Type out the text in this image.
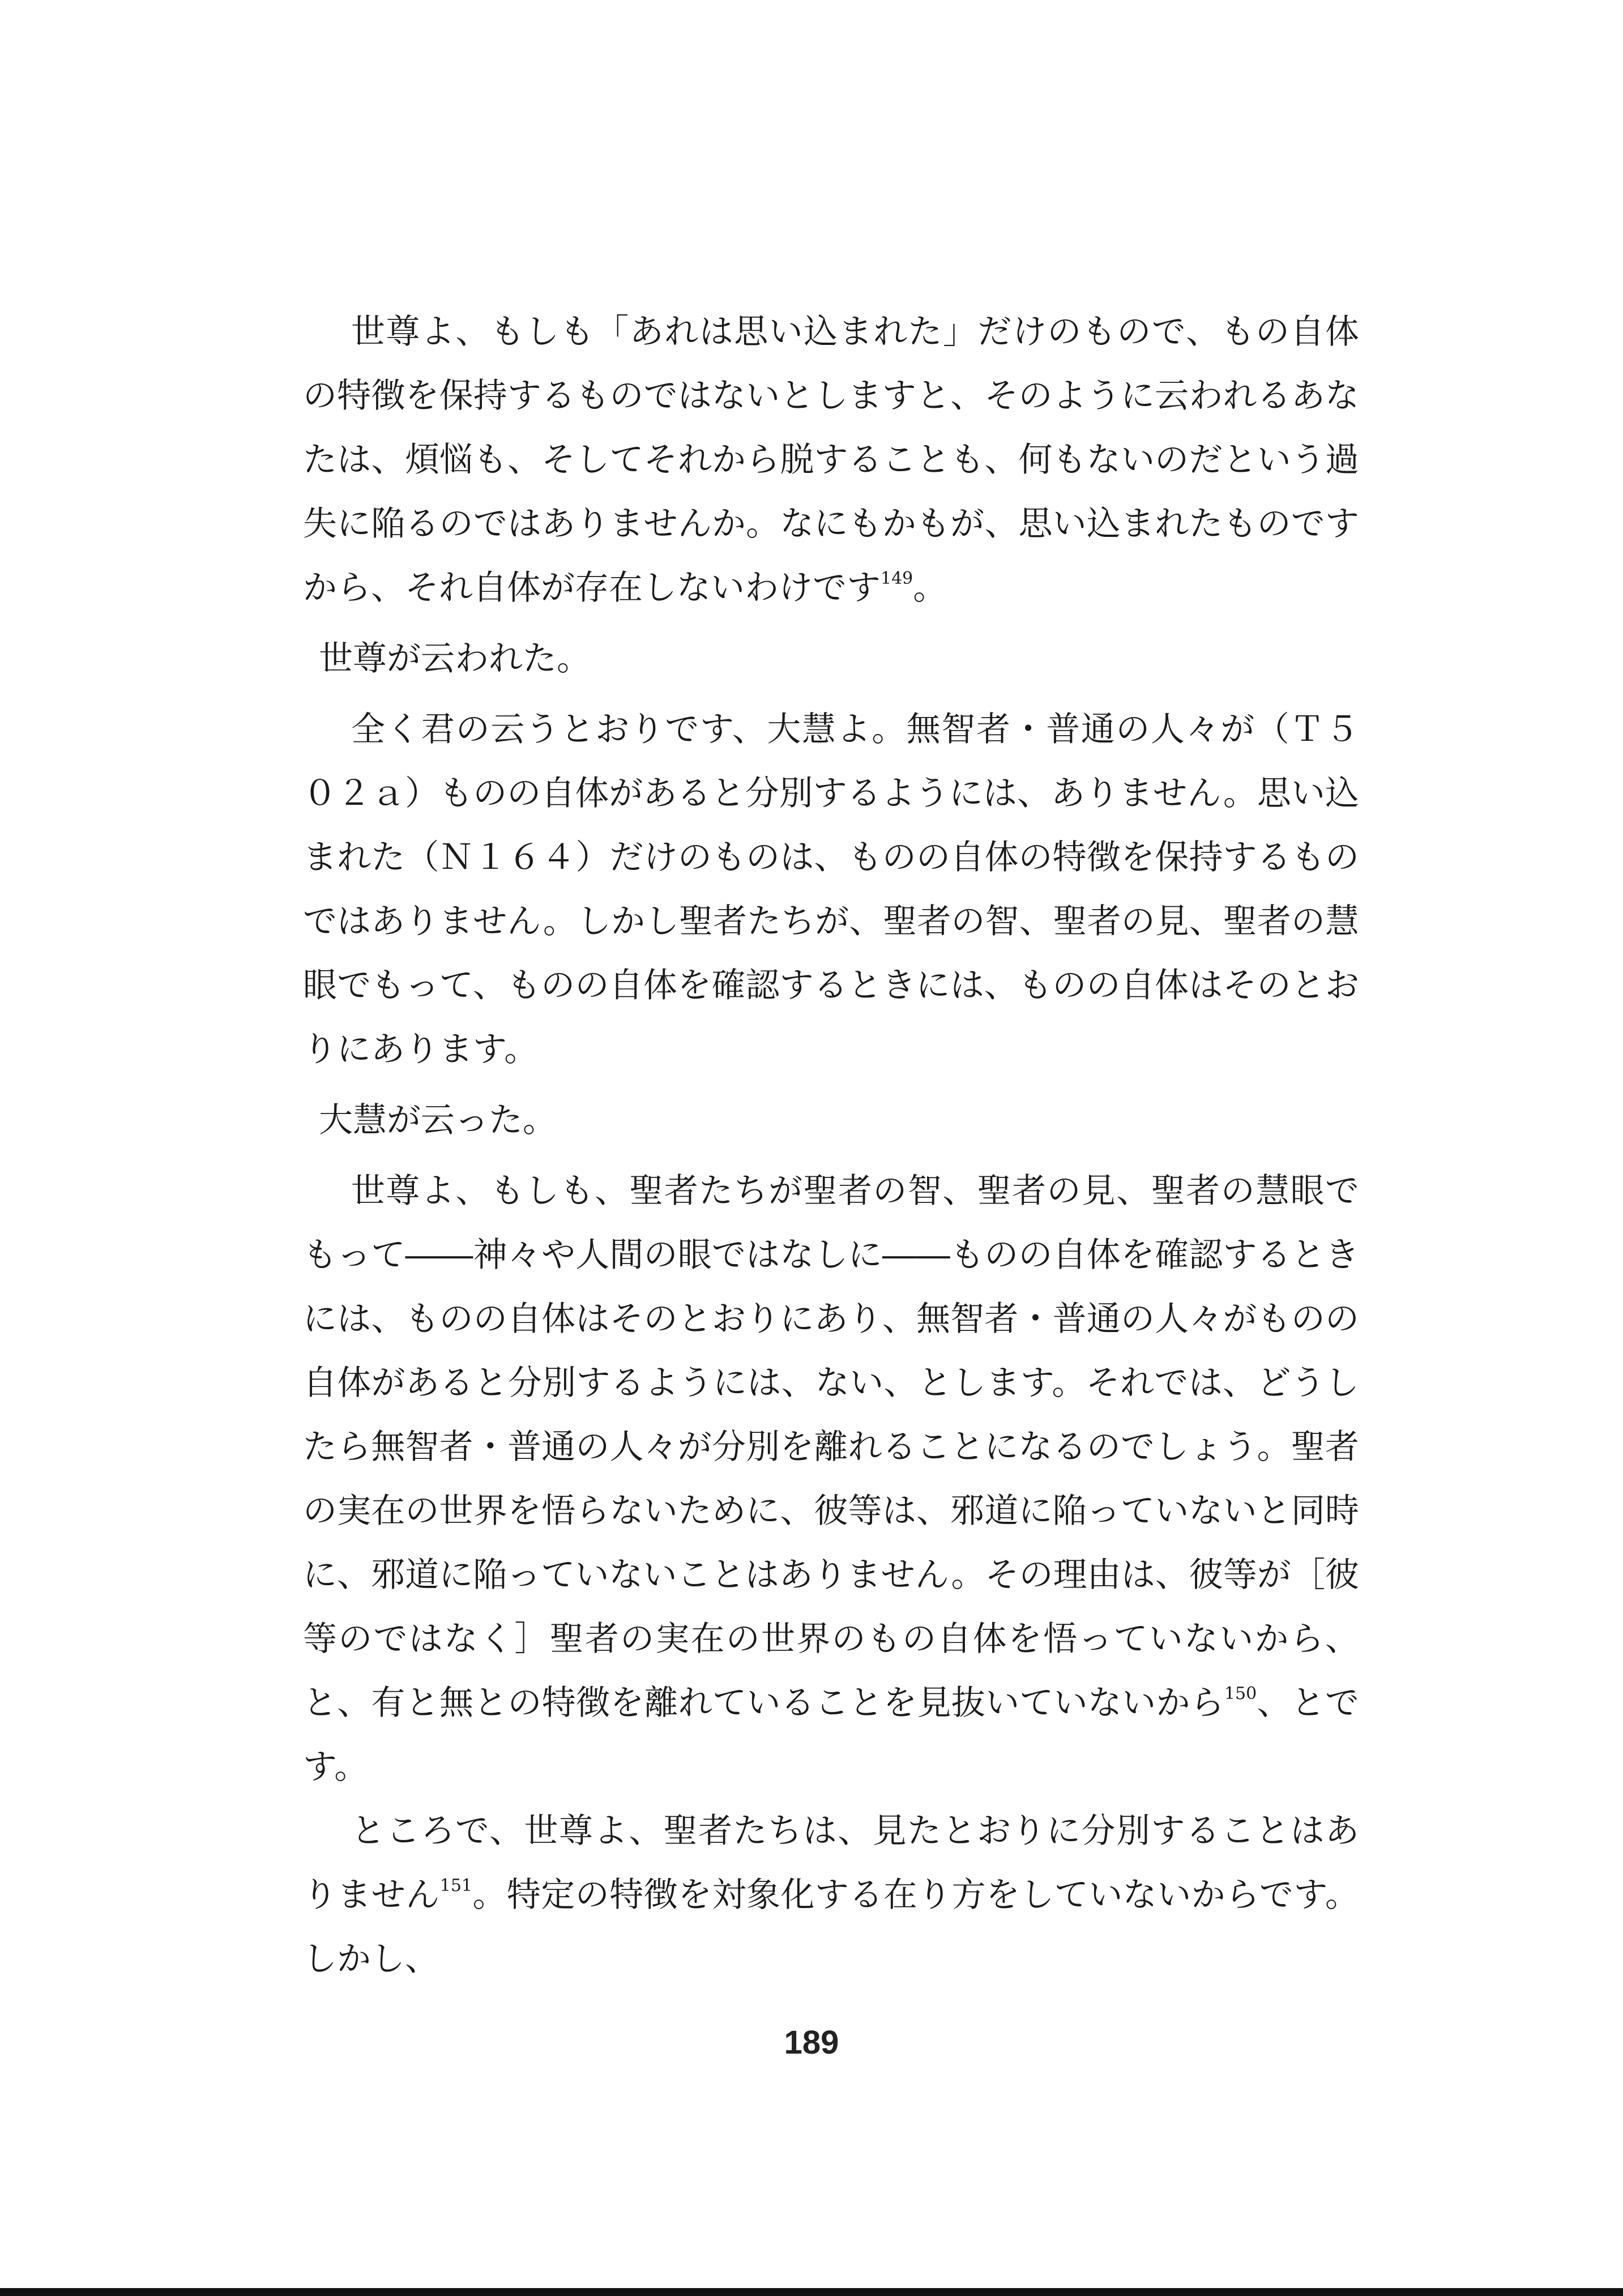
世尊よ、もしも「あれは思い込まれた」だけのもので、もの自体の特徴を保持するものではないとしますと、そのように云われるあなたは、煩悩も、そしてそれから脱することも、何もないのだという過失に陥るのではありませんか。なにもかもが、思い込まれたものですから、それ自体が存在しないわけです$^{149}$。

世尊が云われた。

全く君の云うとおりです、大慧よ。無智者・普通の人々が（Ｔ５０２ａ）ものの自体があると分別するようには、ありません。思い込まれた（Ｎ１６４）だけのものは、ものの自体の特徴を保持するものではありません。しかし聖者たちが、聖者の智、聖者の見、聖者の慧眼でもって、ものの自体を確認するときには、ものの自体はそのとおりにあります。

大慧が云った。

世尊よ、もしも、聖者たちが聖者の智、聖者の見、聖者の慧眼でもって――神々や人間の眼ではなしに――ものの自体を確認するときには、ものの自体はそのとおりにあり、無智者・普通の人々がものの自体があると分別するようには、ない、とします。それでは、どうしたら無智者・普通の人々が分別を離れることになるのでしょう。聖者の実在の世界を悟らないために、彼等は、邪道に陥っていないと同時に、邪道に陥っていないことはありません。その理由は、彼等が［彼等のではなく］聖者の実在の世界のもの自体を悟っていないから、と、有と無との特徴を離れていることを見抜いていないから$^{150}$、とです。

ところで、世尊よ、聖者たちは、見たとおりに分別することはありません$^{151}$。特定の特徴を対象化する在り方をしていないからです。しかし、

189
